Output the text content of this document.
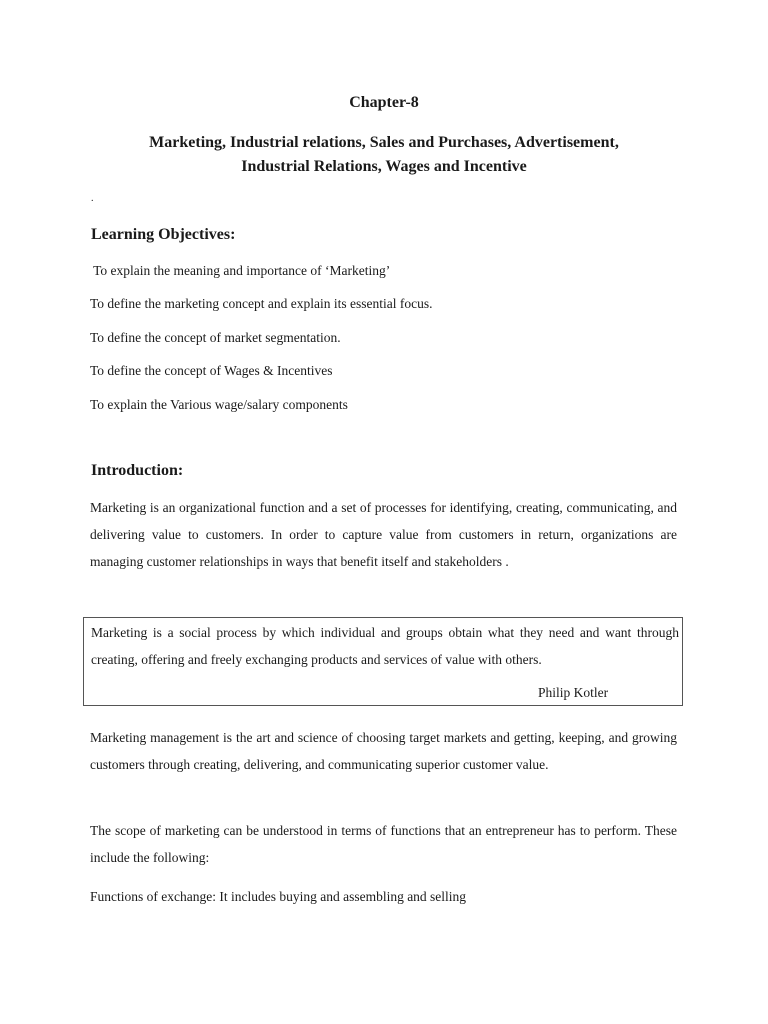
Chapter-8
Marketing, Industrial relations, Sales and Purchases, Advertisement,
Industrial Relations, Wages and Incentive
.
Learning Objectives:
To explain the meaning and importance of ‘Marketing’
To define the marketing concept and explain its essential focus.
To define the concept of market segmentation.
To define the concept of Wages & Incentives
To explain the Various wage/salary components
Introduction:
Marketing is an organizational function and a set of processes for identifying, creating, communicating, and delivering value to customers. In order to capture value from customers in return, organizations are managing customer relationships in ways that benefit itself and stakeholders .
Marketing is a social process by which individual and groups obtain what they need and want through creating, offering and freely exchanging products and services of value with others.
Philip Kotler
Marketing management is the art and science of choosing target markets and getting, keeping, and growing customers through creating, delivering, and communicating superior customer value.
The scope of marketing can be understood in terms of functions that an entrepreneur has to perform. These include the following:
Functions of exchange: It includes buying and assembling and selling
